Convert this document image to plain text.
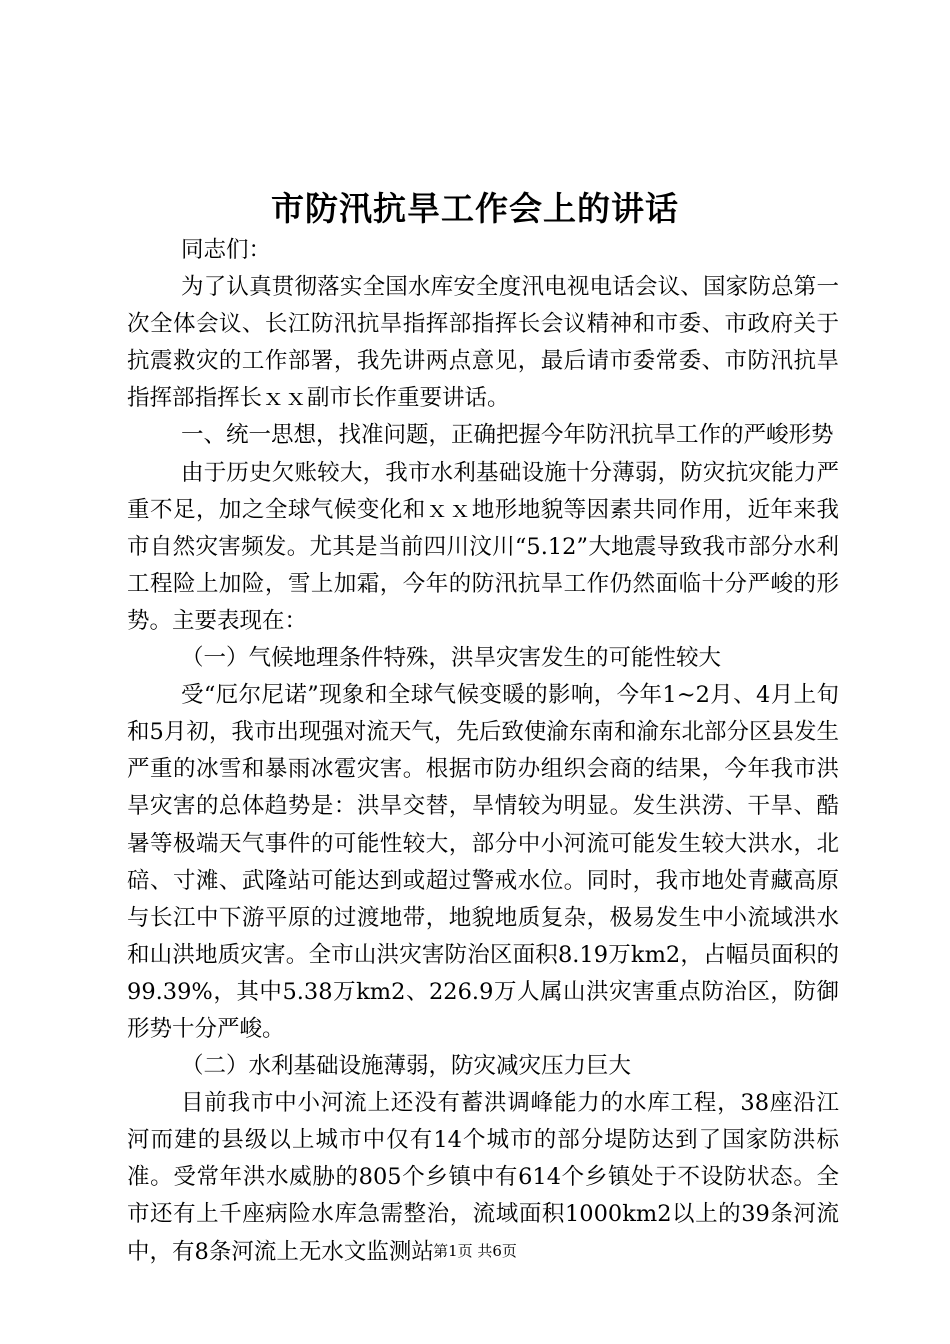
市防汛抗旱工作会上的讲话

同志们：

为了认真贯彻落实全国水库安全度汛电视电话会议、国家防总第一次全体会议、长江防汛抗旱指挥部指挥长会议精神和市委、市政府关于抗震救灾的工作部署，我先讲两点意见，最后请市委常委、市防汛抗旱指挥部指挥长ｘｘ副市长作重要讲话。

一、统一思想，找准问题，正确把握今年防汛抗旱工作的严峻形势

由于历史欠账较大，我市水利基础设施十分薄弱，防灾抗灾能力严重不足，加之全球气候变化和ｘｘ地形地貌等因素共同作用，近年来我市自然灾害频发。尤其是当前四川汶川“5.12”大地震导致我市部分水利工程险上加险，雪上加霜，今年的防汛抗旱工作仍然面临十分严峻的形势。主要表现在：

（一）气候地理条件特殊，洪旱灾害发生的可能性较大

受“厄尔尼诺”现象和全球气候变暖的影响，今年1~2月、4月上旬和5月初，我市出现强对流天气，先后致使渝东南和渝东北部分区县发生严重的冰雪和暴雨冰雹灾害。根据市防办组织会商的结果，今年我市洪旱灾害的总体趋势是：洪旱交替，旱情较为明显。发生洪涝、干旱、酷暑等极端天气事件的可能性较大，部分中小河流可能发生较大洪水，北碚、寸滩、武隆站可能达到或超过警戒水位。同时，我市地处青藏高原与长江中下游平原的过渡地带，地貌地质复杂，极易发生中小流域洪水和山洪地质灾害。全市山洪灾害防治区面积8.19万km2，占幅员面积的99.39%，其中5.38万km2、226.9万人属山洪灾害重点防治区，防御形势十分严峻。

（二）水利基础设施薄弱，防灾减灾压力巨大

目前我市中小河流上还没有蓄洪调峰能力的水库工程，38座沿江河而建的县级以上城市中仅有14个城市的部分堤防达到了国家防洪标准。受常年洪水威胁的805个乡镇中有614个乡镇处于不设防状态。全市还有上千座病险水库急需整治，流域面积1000km2以上的39条河流中，有8条河流上无水文监测站 第1页 共6页
